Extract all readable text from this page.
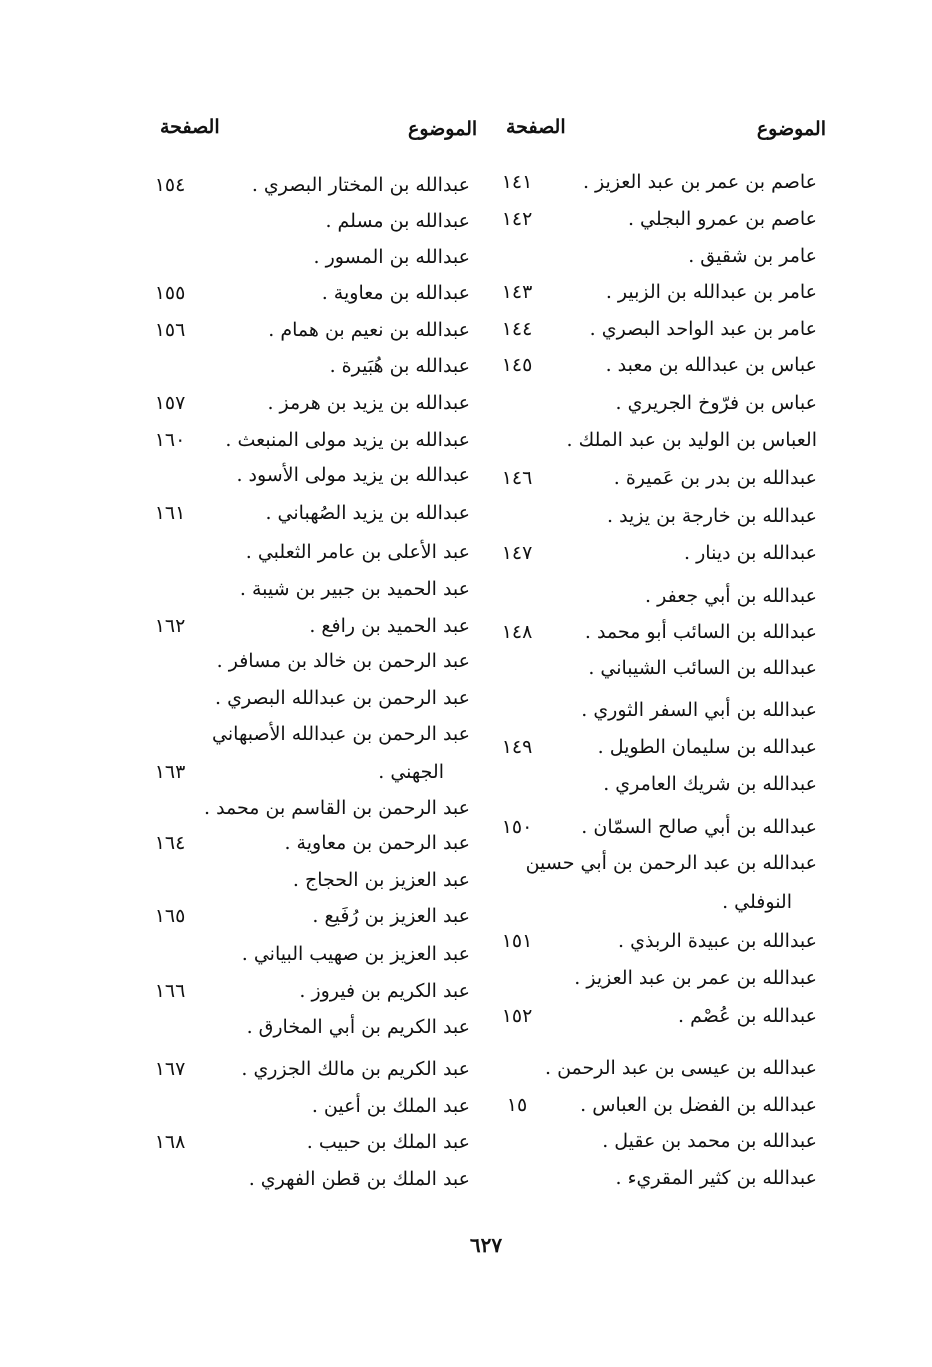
الموضوع
الصفحة
الموضوع
الصفحة
عاصم بن عمر بن عبد العزيز .
١٤١
عاصم بن عمرو البجلي .
١٤٢
عامر بن شقيق .
عامر بن عبدالله بن الزبير .
١٤٣
عامر بن عبد الواحد البصري .
١٤٤
عباس بن عبدالله بن معبد .
١٤٥
عباس بن فرّوخ الجريري .
العباس بن الوليد بن عبد الملك .
عبدالله بن بدر بن عَميرة .
١٤٦
عبدالله بن خارجة بن يزيد .
عبدالله بن دينار .
١٤٧
عبدالله بن أبي جعفر .
عبدالله بن السائب أبو محمد .
١٤٨
عبدالله بن السائب الشيباني .
عبدالله بن أبي السفر الثوري .
عبدالله بن سليمان الطويل .
١٤٩
عبدالله بن شريك العامري .
عبدالله بن أبي صالح السمّان .
١٥٠
عبدالله بن عبد الرحمن بن أبي حسين
النوفلي .
عبدالله بن عبيدة الربذي .
١٥١
عبدالله بن عمر بن عبد العزيز .
عبدالله بن عُصْم .
١٥٢
عبدالله بن عيسى بن عبد الرحمن .
عبدالله بن الفضل بن العباس .
١٥
عبدالله بن محمد بن عقيل .
عبدالله بن كثير المقريء .
عبدالله بن المختار البصري .
١٥٤
عبدالله بن مسلم .
عبدالله بن المسور .
عبدالله بن معاوية .
١٥٥
عبدالله بن نعيم بن همام .
١٥٦
عبدالله بن هُبَيرة .
عبدالله بن يزيد بن هرمز .
١٥٧
عبدالله بن يزيد مولى المنبعث .
١٦٠
عبدالله بن يزيد مولى الأسود .
عبدالله بن يزيد الصُهباني .
١٦١
عبد الأعلى بن عامر الثعلبي .
عبد الحميد بن جبير بن شيبة .
عبد الحميد بن رافع .
١٦٢
عبد الرحمن بن خالد بن مسافر .
عبد الرحمن بن عبدالله البصري .
عبد الرحمن بن عبدالله الأصبهاني
الجهني .
١٦٣
عبد الرحمن بن القاسم بن محمد .
عبد الرحمن بن معاوية .
١٦٤
عبد العزيز بن الحجاج .
عبد العزيز بن رُفَيع .
١٦٥
عبد العزيز بن صهيب البياني .
عبد الكريم بن فيروز .
١٦٦
عبد الكريم بن أبي المخارق .
عبد الكريم بن مالك الجزري .
١٦٧
عبد الملك بن أعين .
عبد الملك بن حبيب .
١٦٨
عبد الملك بن قطن الفهري .
٦٢٧
